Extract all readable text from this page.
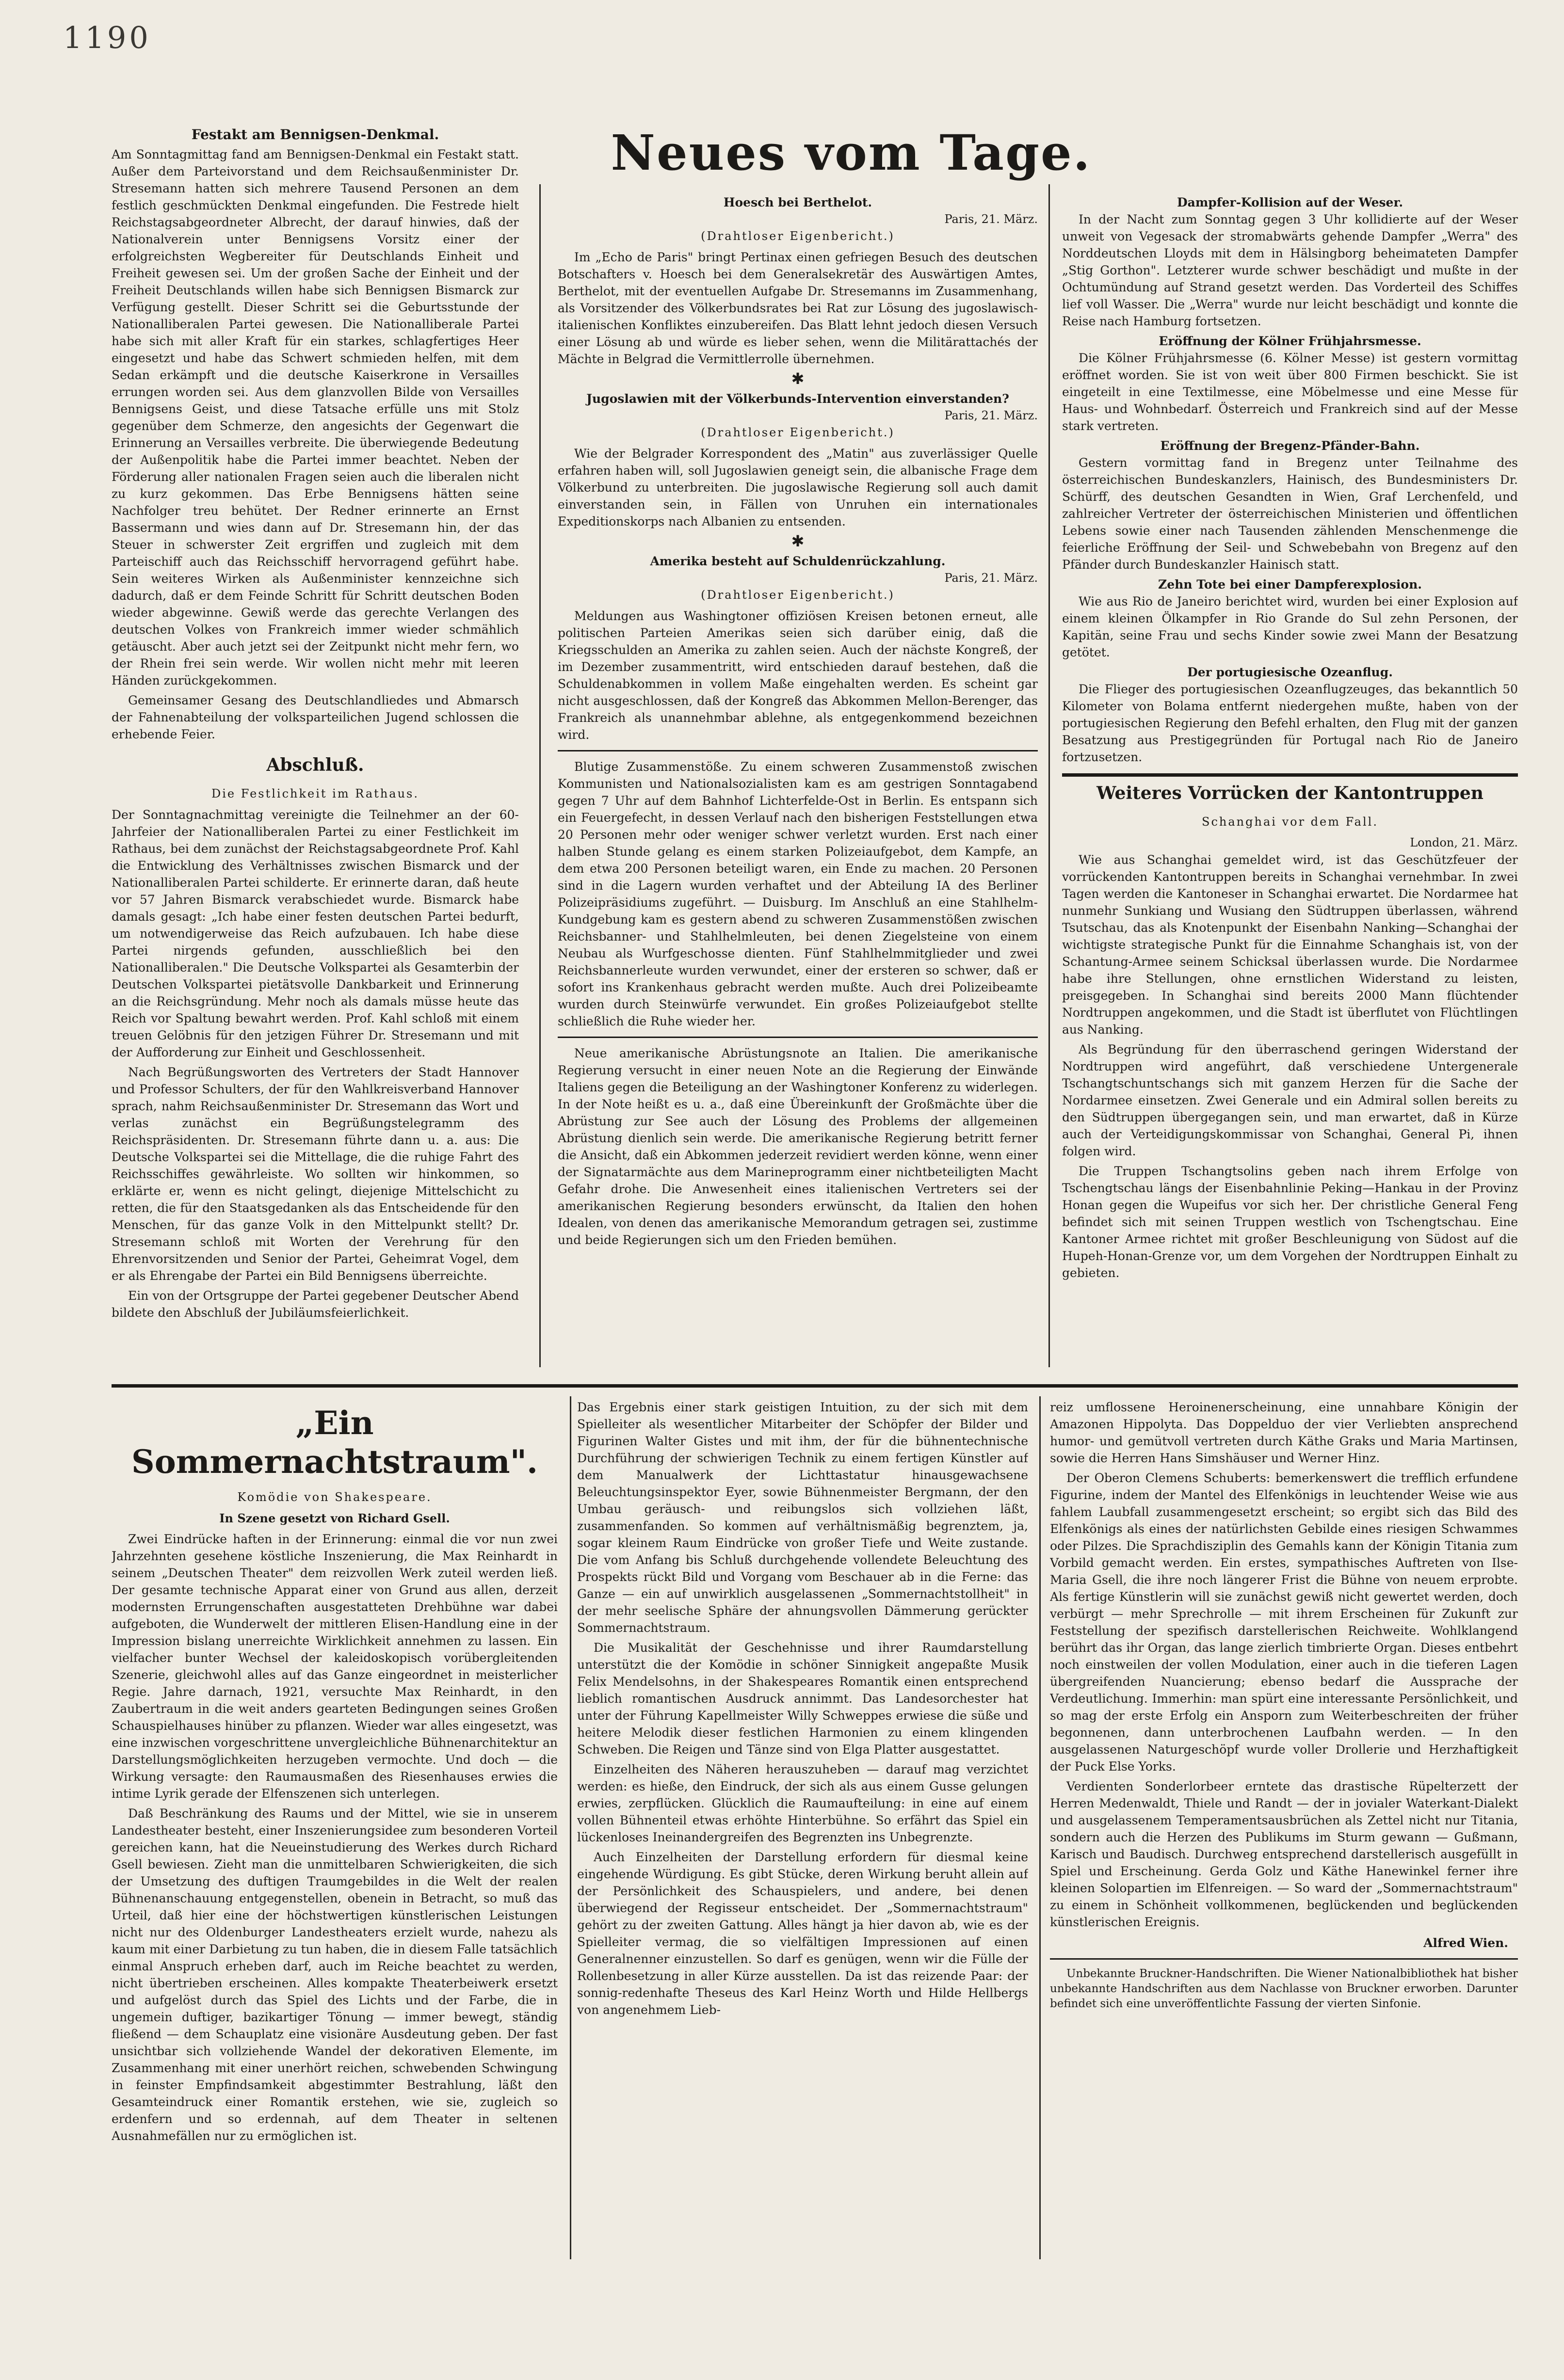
1190
Neues vom Tage.
Festakt am Bennigsen-Denkmal.

Am Sonntagmittag fand am Bennigsen-Denkmal ein Festakt statt. Außer dem Parteivorstand und dem Reichsaußenminister Dr. Stresemann hatten sich mehrere Tausend Personen an dem festlich geschmückten Denkmal eingefunden. Die Festrede hielt Reichstagsabgeordneter Albrecht, der darauf hinwies, daß der Nationalverein unter Bennigsens Vorsitz einer der erfolgreichsten Wegbereiter für Deutschlands Einheit und Freiheit gewesen sei. Um der großen Sache der Einheit und der Freiheit Deutschlands willen habe sich Bennigsen Bismarck zur Verfügung gestellt. Dieser Schritt sei die Geburtsstunde der Nationalliberalen Partei gewesen. Die Nationalliberale Partei habe sich mit aller Kraft für ein starkes, schlagfertiges Heer eingesetzt und habe das Schwert schmieden helfen, mit dem Sedan erkämpft und die deutsche Kaiserkrone in Versailles errungen worden sei. Aus dem glanzvollen Bilde von Versailles Bennigsens Geist, und diese Tatsache erfülle uns mit Stolz gegenüber dem Schmerze, den angesichts der Gegenwart die Erinnerung an Versailles verbreite. Die überwiegende Bedeutung der Außenpolitik habe die Partei immer beachtet. Neben der Förderung aller nationalen Fragen seien auch die liberalen nicht zu kurz gekommen. Das Erbe Bennigsens hätten seine Nachfolger treu behütet. Der Redner erinnerte an Ernst Bassermann und wies dann auf Dr. Stresemann hin, der das Steuer in schwerster Zeit ergriffen und zugleich mit dem Parteischiff auch das Reichsschiff hervorragend geführt habe. Sein weiteres Wirken als Außenminister kennzeichne sich dadurch, daß er dem Feinde Schritt für Schritt deutschen Boden wieder abgewinne. Gewiß werde das gerechte Verlangen des deutschen Volkes von Frankreich immer wieder schmählich getäuscht. Aber auch jetzt sei der Zeitpunkt nicht mehr fern, wo der Rhein frei sein werde. Wir wollen nicht mehr mit leeren Händen zurückgekommen.

Gemeinsamer Gesang des Deutschlandliedes und Abmarsch der Fahnenabteilung der volksparteilichen Jugend schlossen die erhebende Feier.

Abschluß.
Die Festlichkeit im Rathaus.

Der Sonntagnachmittag vereinigte die Teilnehmer an der 60-Jahrfeier der Nationalliberalen Partei zu einer Festlichkeit im Rathaus, bei dem zunächst der Reichstagsabgeordnete Prof. Kahl die Entwicklung des Verhältnisses zwischen Bismarck und der Nationalliberalen Partei schilderte. Er erinnerte daran, daß heute vor 57 Jahren Bismarck verabschiedet wurde. Bismarck habe damals gesagt: „Ich habe einer festen deutschen Partei bedurft, um notwendigerweise das Reich aufzubauen. Ich habe diese Partei nirgends gefunden, ausschließlich bei den Nationalliberalen." Die Deutsche Volkspartei als Gesamterbin der Deutschen Volkspartei pietätsvolle Dankbarkeit und Erinnerung an die Reichsgründung. Mehr noch als damals müsse heute das Reich vor Spaltung bewahrt werden. Prof. Kahl schloß mit einem treuen Gelöbnis für den jetzigen Führer Dr. Stresemann und mit der Aufforderung zur Einheit und Geschlossenheit.

Nach Begrüßungsworten des Vertreters der Stadt Hannover und Professor Schulters, der für den Wahlkreisverband Hannover sprach, nahm Reichsaußenminister Dr. Stresemann das Wort und verlas zunächst ein Begrüßungstelegramm des Reichspräsidenten. Dr. Stresemann führte dann u. a. aus: Die Deutsche Volkspartei sei die Mittellage, die die ruhige Fahrt des Reichsschiffes gewährleiste. Wo sollten wir hinkommen, so erklärte er, wenn es nicht gelingt, diejenige Mittelschicht zu retten, die für den Staatsgedanken als das Entscheidende für den Menschen, für das ganze Volk in den Mittelpunkt stellt? Dr. Stresemann schloß mit Worten der Verehrung für den Ehrenvorsitzenden und Senior der Partei, Geheimrat Vogel, dem er als Ehrengabe der Partei ein Bild Bennigsens überreichte.

Ein von der Ortsgruppe der Partei gegebener Deutscher Abend bildete den Abschluß der Jubiläumsfeierlichkeit.

Hoesch bei Berthelot.
Paris, 21. März.
(Drahtloser Eigenbericht.)

Im „Echo de Paris" bringt Pertinax einen gefriegen Besuch des deutschen Botschafters v. Hoesch bei dem Generalsekretär des Auswärtigen Amtes, Berthelot, mit der eventuellen Aufgabe Dr. Stresemanns im Zusammenhang, als Vorsitzender des Völkerbundsrates bei Rat zur Lösung des jugoslawisch-italienischen Konfliktes einzubereifen. Das Blatt lehnt jedoch diesen Versuch einer Lösung ab und würde es lieber sehen, wenn die Militärattachés der Mächte in Belgrad die Vermittlerrolle übernehmen.

✱
Jugoslawien mit der Völkerbunds-Intervention einverstanden?
Paris, 21. März.
(Drahtloser Eigenbericht.)

Wie der Belgrader Korrespondent des „Matin" aus zuverlässiger Quelle erfahren haben will, soll Jugoslawien geneigt sein, die albanische Frage dem Völkerbund zu unterbreiten. Die jugoslawische Regierung soll auch damit einverstanden sein, in Fällen von Unruhen ein internationales Expeditionskorps nach Albanien zu entsenden.

✱
Amerika besteht auf Schuldenrückzahlung.
Paris, 21. März.
(Drahtloser Eigenbericht.)

Meldungen aus Washingtoner offiziösen Kreisen betonen erneut, alle politischen Parteien Amerikas seien sich darüber einig, daß die Kriegsschulden an Amerika zu zahlen seien. Auch der nächste Kongreß, der im Dezember zusammentritt, wird entschieden darauf bestehen, daß die Schuldenabkommen in vollem Maße eingehalten werden. Es scheint gar nicht ausgeschlossen, daß der Kongreß das Abkommen Mellon-Berenger, das Frankreich als unannehmbar ablehne, als entgegenkommend bezeichnen wird.

Blutige Zusammenstöße. Zu einem schweren Zusammenstoß zwischen Kommunisten und Nationalsozialisten kam es am gestrigen Sonntagabend gegen 7 Uhr auf dem Bahnhof Lichterfelde-Ost in Berlin. Es entspann sich ein Feuergefecht, in dessen Verlauf nach den bisherigen Feststellungen etwa 20 Personen mehr oder weniger schwer verletzt wurden. Erst nach einer halben Stunde gelang es einem starken Polizeiaufgebot, dem Kampfe, an dem etwa 200 Personen beteiligt waren, ein Ende zu machen. 20 Personen sind in die Lagern wurden verhaftet und der Abteilung IA des Berliner Polizeipräsidiums zugeführt. — Duisburg. Im Anschluß an eine Stahlhelm-Kundgebung kam es gestern abend zu schweren Zusammenstößen zwischen Reichsbanner- und Stahlhelmleuten, bei denen Ziegelsteine von einem Neubau als Wurfgeschosse dienten. Fünf Stahlhelmmitglieder und zwei Reichsbannerleute wurden verwundet, einer der ersteren so schwer, daß er sofort ins Krankenhaus gebracht werden mußte. Auch drei Polizeibeamte wurden durch Steinwürfe verwundet. Ein großes Polizeiaufgebot stellte schließlich die Ruhe wieder her.

Neue amerikanische Abrüstungsnote an Italien. Die amerikanische Regierung versucht in einer neuen Note an die Regierung der Einwände Italiens gegen die Beteiligung an der Washingtoner Konferenz zu widerlegen. In der Note heißt es u. a., daß eine Übereinkunft der Großmächte über die Abrüstung zur See auch der Lösung des Problems der allgemeinen Abrüstung dienlich sein werde. Die amerikanische Regierung betritt ferner die Ansicht, daß ein Abkommen jederzeit revidiert werden könne, wenn einer der Signatarmächte aus dem Marineprogramm einer nichtbeteiligten Macht Gefahr drohe. Die Anwesenheit eines italienischen Vertreters sei der amerikanischen Regierung besonders erwünscht, da Italien den hohen Idealen, von denen das amerikanische Memorandum getragen sei, zustimme und beide Regierungen sich um den Frieden bemühen.

Dampfer-Kollision auf der Weser.

In der Nacht zum Sonntag gegen 3 Uhr kollidierte auf der Weser unweit von Vegesack der stromabwärts gehende Dampfer „Werra" des Norddeutschen Lloyds mit dem in Hälsingborg beheimateten Dampfer „Stig Gorthon". Letzterer wurde schwer beschädigt und mußte in der Ochtumündung auf Strand gesetzt werden. Das Vorderteil des Schiffes lief voll Wasser. Die „Werra" wurde nur leicht beschädigt und konnte die Reise nach Hamburg fortsetzen.

Eröffnung der Kölner Frühjahrsmesse.

Die Kölner Frühjahrsmesse (6. Kölner Messe) ist gestern vormittag eröffnet worden. Sie ist von weit über 800 Firmen beschickt. Sie ist eingeteilt in eine Textilmesse, eine Möbelmesse und eine Messe für Haus- und Wohnbedarf. Österreich und Frankreich sind auf der Messe stark vertreten.

Eröffnung der Bregenz-Pfänder-Bahn.

Gestern vormittag fand in Bregenz unter Teilnahme des österreichischen Bundeskanzlers, Hainisch, des Bundesministers Dr. Schürff, des deutschen Gesandten in Wien, Graf Lerchenfeld, und zahlreicher Vertreter der österreichischen Ministerien und öffentlichen Lebens sowie einer nach Tausenden zählenden Menschenmenge die feierliche Eröffnung der Seil- und Schwebebahn von Bregenz auf den Pfänder durch Bundeskanzler Hainisch statt.

Zehn Tote bei einer Dampferexplosion.

Wie aus Rio de Janeiro berichtet wird, wurden bei einer Explosion auf einem kleinen Ölkampfer in Rio Grande do Sul zehn Personen, der Kapitän, seine Frau und sechs Kinder sowie zwei Mann der Besatzung getötet.

Der portugiesische Ozeanflug.

Die Flieger des portugiesischen Ozeanflugzeuges, das bekanntlich 50 Kilometer von Bolama entfernt niedergehen mußte, haben von der portugiesischen Regierung den Befehl erhalten, den Flug mit der ganzen Besatzung aus Prestigegründen für Portugal nach Rio de Janeiro fortzusetzen.

Weiteres Vorrücken der Kantontruppen
Schanghai vor dem Fall.
London, 21. März.

Wie aus Schanghai gemeldet wird, ist das Geschützfeuer der vorrückenden Kantontruppen bereits in Schanghai vernehmbar. In zwei Tagen werden die Kantoneser in Schanghai erwartet. Die Nordarmee hat nunmehr Sunkiang und Wusiang den Südtruppen überlassen, während Tsutschau, das als Knotenpunkt der Eisenbahn Nanking—Schanghai der wichtigste strategische Punkt für die Einnahme Schanghais ist, von der Schantung-Armee seinem Schicksal überlassen wurde. Die Nordarmee habe ihre Stellungen, ohne ernstlichen Widerstand zu leisten, preisgegeben. In Schanghai sind bereits 2000 Mann flüchtender Nordtruppen angekommen, und die Stadt ist überflutet von Flüchtlingen aus Nanking.

Als Begründung für den überraschend geringen Widerstand der Nordtruppen wird angeführt, daß verschiedene Untergenerale Tschangtschuntschangs sich mit ganzem Herzen für die Sache der Nordarmee einsetzen. Zwei Generale und ein Admiral sollen bereits zu den Südtruppen übergegangen sein, und man erwartet, daß in Kürze auch der Verteidigungskommissar von Schanghai, General Pi, ihnen folgen wird.

Die Truppen Tschangtsolins geben nach ihrem Erfolge von Tschengtschau längs der Eisenbahnlinie Peking—Hankau in der Provinz Honan gegen die Wupeifus vor sich her. Der christliche General Feng befindet sich mit seinen Truppen westlich von Tschengtschau. Eine Kantoner Armee richtet mit großer Beschleunigung von Südost auf die Hupeh-Honan-Grenze vor, um dem Vorgehen der Nordtruppen Einhalt zu gebieten.

„Ein Sommernachtstraum".
Komödie von Shakespeare.
In Szene gesetzt von Richard Gsell.

Zwei Eindrücke haften in der Erinnerung: einmal die vor nun zwei Jahrzehnten gesehene köstliche Inszenierung, die Max Reinhardt in seinem „Deutschen Theater" dem reizvollen Werk zuteil werden ließ. Der gesamte technische Apparat einer von Grund aus allen, derzeit modernsten Errungenschaften ausgestatteten Drehbühne war dabei aufgeboten, die Wunderwelt der mittleren Elisen-Handlung eine in der Impression bislang unerreichte Wirklichkeit annehmen zu lassen. Ein vielfacher bunter Wechsel der kaleidoskopisch vorübergleitenden Szenerie, gleichwohl alles auf das Ganze eingeordnet in meisterlicher Regie. Jahre darnach, 1921, versuchte Max Reinhardt, in den Zaubertraum in die weit anders gearteten Bedingungen seines Großen Schauspielhauses hinüber zu pflanzen. Wieder war alles eingesetzt, was eine inzwischen vorgeschrittene unvergleichliche Bühnenarchitektur an Darstellungsmöglichkeiten herzugeben vermochte. Und doch — die Wirkung versagte: den Raumausmaßen des Riesenhauses erwies die intime Lyrik gerade der Elfenszenen sich unterlegen.

Daß Beschränkung des Raums und der Mittel, wie sie in unserem Landestheater besteht, einer Inszenierungsidee zum besonderen Vorteil gereichen kann, hat die Neueinstudierung des Werkes durch Richard Gsell bewiesen. Zieht man die unmittelbaren Schwierigkeiten, die sich der Umsetzung des duftigen Traumgebildes in die Welt der realen Bühnenanschauung entgegenstellen, obenein in Betracht, so muß das Urteil, daß hier eine der höchstwertigen künstlerischen Leistungen nicht nur des Oldenburger Landestheaters erzielt wurde, nahezu als kaum mit einer Darbietung zu tun haben, die in diesem Falle tatsächlich einmal Anspruch erheben darf, auch im Reiche beachtet zu werden, nicht übertrieben erscheinen. Alles kompakte Theaterbeiwerk ersetzt und aufgelöst durch das Spiel des Lichts und der Farbe, die in ungemein duftiger, bazikartiger Tönung — immer bewegt, ständig fließend — dem Schauplatz eine visionäre Ausdeutung geben. Der fast unsichtbar sich vollziehende Wandel der dekorativen Elemente, im Zusammenhang mit einer unerhört reichen, schwebenden Schwingung in feinster Empfindsamkeit abgestimmter Bestrahlung, läßt den Gesamteindruck einer Romantik erstehen, wie sie, zugleich so erdenfern und so erdennah, auf dem Theater in seltenen Ausnahmefällen nur zu ermöglichen ist.

Das Ergebnis einer stark geistigen Intuition, zu der sich mit dem Spielleiter als wesentlicher Mitarbeiter der Schöpfer der Bilder und Figurinen Walter Gistes und mit ihm, der für die bühnentechnische Durchführung der schwierigen Technik zu einem fertigen Künstler auf dem Manualwerk der Lichttastatur hinausgewachsene Beleuchtungsinspektor Eyer, sowie Bühnenmeister Bergmann, der den Umbau geräusch- und reibungslos sich vollziehen läßt, zusammenfanden. So kommen auf verhältnismäßig begrenztem, ja, sogar kleinem Raum Eindrücke von großer Tiefe und Weite zustande. Die vom Anfang bis Schluß durchgehende vollendete Beleuchtung des Prospekts rückt Bild und Vorgang vom Beschauer ab in die Ferne: das Ganze — ein auf unwirklich ausgelassenen „Sommernachtstollheit" in der mehr seelische Sphäre der ahnungsvollen Dämmerung gerückter Sommernachtstraum.

Die Musikalität der Geschehnisse und ihrer Raumdarstellung unterstützt die der Komödie in schöner Sinnigkeit angepaßte Musik Felix Mendelsohns, in der Shakespeares Romantik einen entsprechend lieblich romantischen Ausdruck annimmt. Das Landesorchester hat unter der Führung Kapellmeister Willy Schweppes erwiese die süße und heitere Melodik dieser festlichen Harmonien zu einem klingenden Schweben. Die Reigen und Tänze sind von Elga Platter ausgestattet.

Einzelheiten des Näheren herauszuheben — darauf mag verzichtet werden: es hieße, den Eindruck, der sich als aus einem Gusse gelungen erwies, zerpflücken. Glücklich die Raumaufteilung: in eine auf einem vollen Bühnenteil etwas erhöhte Hinterbühne. So erfährt das Spiel ein lückenloses Ineinandergreifen des Begrenzten ins Unbegrenzte.

Auch Einzelheiten der Darstellung erfordern für diesmal keine eingehende Würdigung. Es gibt Stücke, deren Wirkung beruht allein auf der Persönlichkeit des Schauspielers, und andere, bei denen überwiegend der Regisseur entscheidet. Der „Sommernachtstraum" gehört zu der zweiten Gattung. Alles hängt ja hier davon ab, wie es der Spielleiter vermag, die so vielfältigen Impressionen auf einen Generalnenner einzustellen. So darf es genügen, wenn wir die Fülle der Rollenbesetzung in aller Kürze ausstellen. Da ist das reizende Paar: der sonnig-redenhafte Theseus des Karl Heinz Worth und Hilde Hellbergs von angenehmem Lieb-

reiz umflossene Heroinenerscheinung, eine unnahbare Königin der Amazonen Hippolyta. Das Doppelduo der vier Verliebten ansprechend humor- und gemütvoll vertreten durch Käthe Graks und Maria Martinsen, sowie die Herren Hans Simshäuser und Werner Hinz.

Der Oberon Clemens Schuberts: bemerkenswert die trefflich erfundene Figurine, indem der Mantel des Elfenkönigs in leuchtender Weise wie aus fahlem Laubfall zusammengesetzt erscheint; so ergibt sich das Bild des Elfenkönigs als eines der natürlichsten Gebilde eines riesigen Schwammes oder Pilzes. Die Sprachdisziplin des Gemahls kann der Königin Titania zum Vorbild gemacht werden. Ein erstes, sympathisches Auftreten von Ilse-Maria Gsell, die ihre noch längerer Frist die Bühne von neuem erprobte. Als fertige Künstlerin will sie zunächst gewiß nicht gewertet werden, doch verbürgt — mehr Sprechrolle — mit ihrem Erscheinen für Zukunft zur Feststellung der spezifisch darstellerischen Reichweite. Wohlklangend berührt das ihr Organ, das lange zierlich timbrierte Organ. Dieses entbehrt noch einstweilen der vollen Modulation, einer auch in die tieferen Lagen übergreifenden Nuancierung; ebenso bedarf die Aussprache der Verdeutlichung. Immerhin: man spürt eine interessante Persönlichkeit, und so mag der erste Erfolg ein Ansporn zum Weiterbeschreiten der früher begonnenen, dann unterbrochenen Laufbahn werden. — In den ausgelassenen Naturgeschöpf wurde voller Drollerie und Herzhaftigkeit der Puck Else Yorks.

Verdienten Sonderlorbeer erntete das drastische Rüpelterzett der Herren Medenwaldt, Thiele und Randt — der in jovialer Waterkant-Dialekt und ausgelassenem Temperamentsausbrüchen als Zettel nicht nur Titania, sondern auch die Herzen des Publikums im Sturm gewann — Gußmann, Karisch und Baudisch. Durchweg entsprechend darstellerisch ausgefüllt in Spiel und Erscheinung. Gerda Golz und Käthe Hanewinkel ferner ihre kleinen Solopartien im Elfenreigen. — So ward der „Sommernachtstraum" zu einem in Schönheit vollkommenen, beglückenden und beglückenden künstlerischen Ereignis.

Alfred Wien.

Unbekannte Bruckner-Handschriften. Die Wiener Nationalbibliothek hat bisher unbekannte Handschriften aus dem Nachlasse von Bruckner erworben. Darunter befindet sich eine unveröffentlichte Fassung der vierten Sinfonie.
